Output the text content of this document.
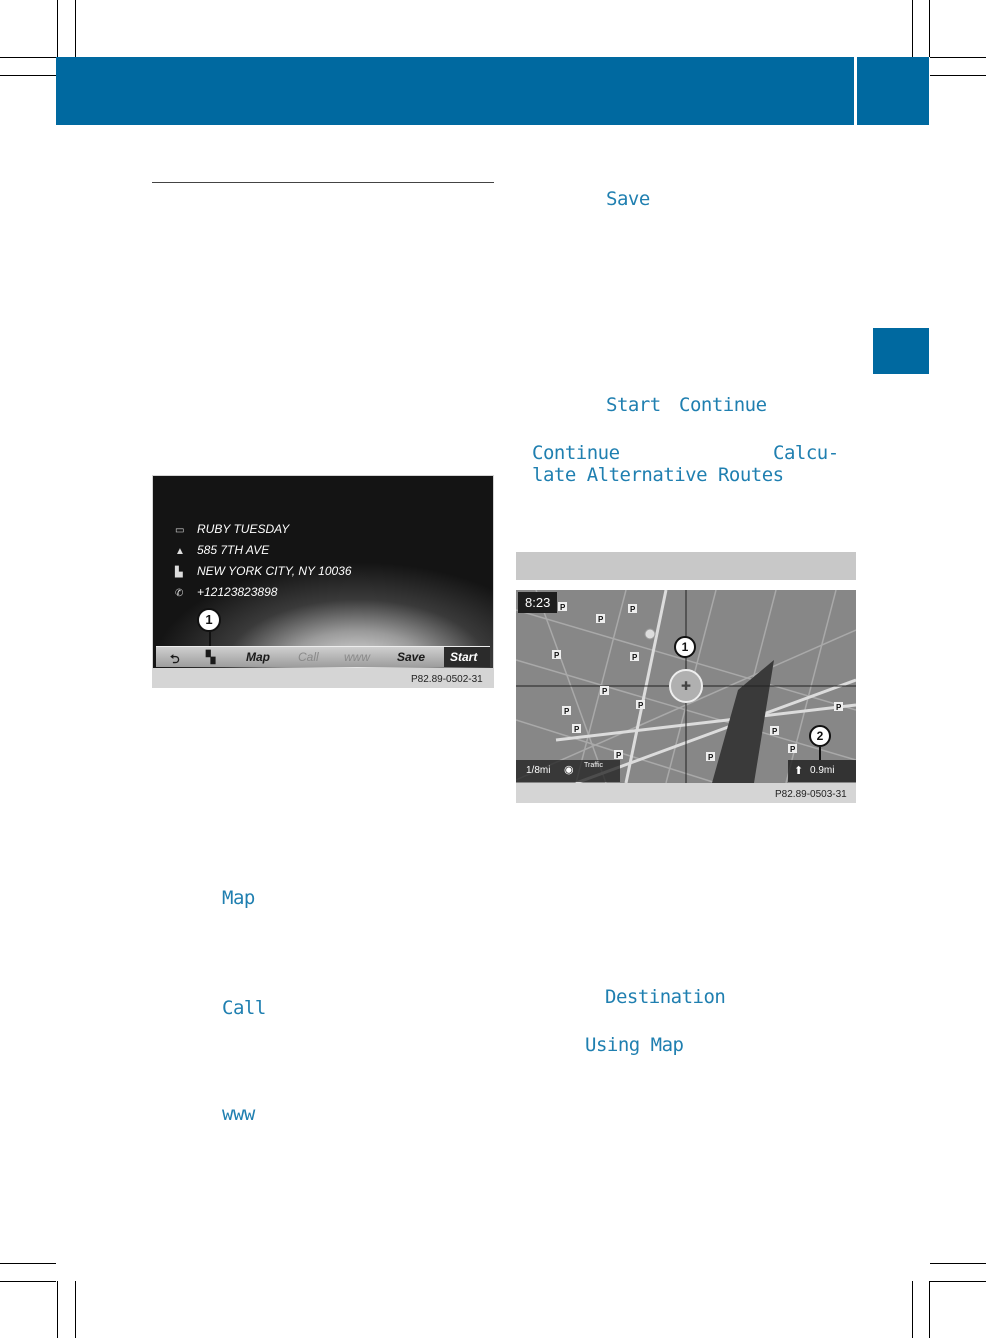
▭ RUBY TUESDAY
▲ 585 7TH AVE
▙ NEW YORK CITY, NY 10036
✆ +12123823898
1
⮌ ▚	Map Call www Save Start
P82.89-0502-31	✚
P
P
P
P	P
P
P
P
P
P
P
P
P
P
1
2
8:23
1/8mi ◉ Traffic	⬆ 0.9mi
P82.89-0503-31
Save
Start Continue
Continue	Calcu‑
late Alternative Routes
Map
Call
www
Destination
Using Map
